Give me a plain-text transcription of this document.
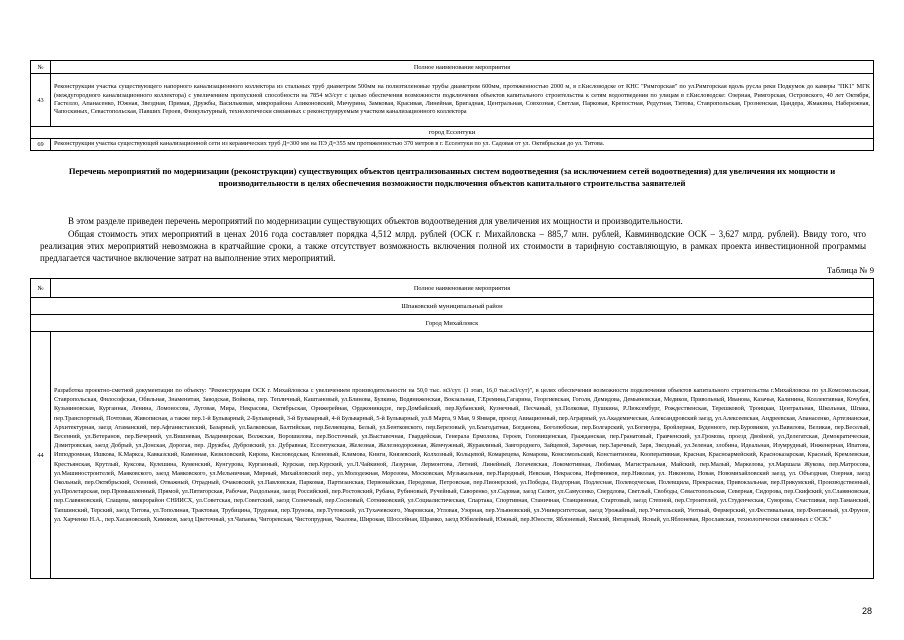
№	Полное наименование мероприятия
43	Реконструкция участка существующего напорного канализационного коллектора из стальных труб диаметром 500мм на полиэтиленовые трубы диаметром 600мм, протяженностью 2000 м, в г.Кисловодске от КНС "Римгорская" по ул.Римгорская вдоль русла реки Подкумок до камеры "ПК1" МГК (междугородного канализационного коллектора) с увеличением пропускной способности на 7854 м3/сут с целью обеспечения возможности подключения объектов капитального строительства к сетям водоотведения по улицам в г.Кисловодске: Озерная, Римгорская, Островского, 40 лет Октября, Гастелло, Апанасенко, Южная, Звездная, Примая, Дружбы, Васильковая, микрорайона Аликоновский, Мичурина, Замковая, Красивая, Линейная, Бригадная, Центральная, Совхозная, Светлая, Парковая, Крепостная, Редутная, Титова, Ставропольская, Грозненская, Цандера, Жмакина, Набережная, Чапоскиных, Севастопольская, Павших Героев, Физкультурный, технологически связанных с реконструируемым участком канализационного коллектора
город Ессентуки	
69	Реконструкция участка существующей канализационной сети из керамических труб Д=300 мм на ПЭ Д=355 мм протяженностью 370 метров в г. Ессентуки по ул. Садовая от ул. Октябрьская до ул. Титова.
Перечень мероприятий по модернизации (реконструкции) существующих объектов централизованных систем водоотведения (за исключением сетей водоотведения) для увеличения их мощности и производительности в целях обеспечения возможности подключения объектов капитального строительства заявителей
В этом разделе приведен перечень мероприятий по модернизации существующих объектов водоотведения для увеличения их мощности и производительности.
Общая стоимость этих мероприятий в ценах 2016 года составляет порядка 4,512 млрд. рублей (ОСК г. Михайловска – 885,7 млн. рублей, Кавминводские ОСК – 3,627 млрд. рублей). Ввиду того, что реализация этих мероприятий невозможна в кратчайшие сроки, а также отсутствует возможность включения полной их стоимости в тарифную составляющую, в рамках проекта инвестиционной программы предлагается частичное включение затрат на выполнение этих мероприятий.
Таблица № 9
№	Полное наименование мероприятия
Шпаковский муниципальный район	
Город Михайловск	
44	Разработка проектно-сметной документации по объекту: "Реконструкция ОСК г. Михайловска с увеличением производительности на 50,0 тыс. м3/сут. (1 этап, 16,0 тыс.м3/сут)", в целях обеспечения возможности подключения объектов капитального строительства г.Михайловска по ул.Комсомольская, Ставропольская, Философская, Обильная, Знаменитая, Заводская, Войкова, пер. Тепличный, Каштановый, ул.Блинова, Булкина, Водяниженская, Вокзальная, Г.Еремина,Гагарина, Георгиевская, Гоголя, Демидова, Демьяновская, Медиков, Привольный, Иванова, Казачья, Калинина, Коллективная, Кочубея, Кузьминовская, Курганная, Ленина, Ломоносова, Луговая, Мира, Некрасова, Октябрьская, Орижерейная, Орджоникидзе, пер.Домбайский, пер.Кубанский, Кузнечный, Песчаный, ул.Полковая, Пушкина, Р.Люксембург, Рождественская, Терешковой, Троицкая, Центральная, Школьная, Шпака, пер.Транспортный, Почтовая, Живописная, а также пер.1-й Бульварный, 2-Бульварный, 3-й Бульварный, 4-й Бульварный, 5-й Бульварный, ул.8 Марта, 9 Мая, 9 Января, проезд Авиационный, пер.Аграрный, ул.Академическая, Александровский заезд, ул.Алексеевская, Андреевская, Апанасенко, Артезианская, Архитектурная, заезд Атаманский, пер.Афганистанский, Базарный, ул.Балковская, Балтийская, пер.Беляевцева, Белый, ул.Бентковского, пер.Березовый, ул.Благодатная, Богданова, Боголюбская, пер.Болгарский, ул.Богинура, Бройлерная, Буденного, пер.Буровиков, ул.Вавилова, Великая, пер.Веселый, Весенний, ул.Ветеранов, пер.Вечерний, ул.Вишневая, Владимирская, Волжская, Ворошилова, пер.Восточный, ул.Выставочная, Гвардейская, Генерала Ермолова, Героев, Головищенская, Гражданская, пер.Гранатовый, Гравченский, ул.Громова, проезд Двойной, ул.Делегатская, Демократическая, Дзмитровская, заезд Добрый, ул.Донская, Дорогая, пер. Дружбы, Дубровский, ул. Дубравная, Ессентукская, Железная, Железнодорожная, Жемчужный, Журавлиный, Завгороднего, Зайцевой, Заречная, пер.Заречный, Заря, Звездный, ул.Зеленая, злобина, Идеальная, Изумрудный, Инженерная, Ипатова, Ипподромная, Ишкова, К.Маркса, Кавказский, Каменная, Кизиловский, Кирова, Кисловодская, Кленовый, Климова, Книги, Князевский, Колхозный, Кольцевой, Комарецева, Комарова, Комсомольский, Константинова, Кооперативная, Красная, Красноармейский, Красноказарская, Красный, Кремлевская, Крестьянская, Крутлый, Куксова, Кулешина, Куменский, Кунгурова, Курганный, Курская, пер.Курский, ул.Л.Чайкиной, Лазурная, Лермонтова, Летний, Линейный, Логачевская, Локомотивная, Любимая, Магистральная, Майский, пер.Малый, Маркелова, ул.Маршала Жукова, пер.Матросова, ул.Машиностроителей, Маяковского, заезд Маяковского, ул.Мельничная, Мирный, Михайловский пер., ул.Молодежная, Морозова, Московская, Музыкальная, пер.Народный, Невская, Некрасова, Нефтяников, пер.Николая, ул. Никонова, Новая, Новомихайловский заезд, ул. Объездная, Озерная, заезд Окольный, пер.Октябрьский, Осенний, Отважный, Отрадный, Очаковский, ул.Павловская, Парковая, Партизанская, Первомайская, Передовая, Петровская, пер.Пионерский, ул.Победы, Подгорная, Подлесная, Полеводческая, Полевщила, Прекрасная, Привокзальная, пер.Прикумский, Производственный, ул.Пролетарская, пер.Промышленный, Прямой, ул.Пятигорская, Рабочая, Раздольная, заезд Российский, пер.Ростовский, Рубана, Рубиновый, Ручейный, Саворенко, ул.Садовая, заезд Салют, ул.Самусенко, Свердлова, Светлый, Свободы, Севастопольская, Северная, Сидорова, пер.Скифский, ул.Славяновская, пер.Славяновский, Слащева, микрорайон СНИИСХ, ул.Советская, пер.Советский, заезд Солнечный, пер.Сосновый, Сотниковский, ул.Социалистическая, Спартака, Спортивная, Станичная, Станционная, Стартовый, заезд Степной, пер.Строителей, ул.Студенческая, Суворова, Счастливая, пер.Таманский, Тапшинский, Терский, заезд Титова, ул.Тополиная, Трактовая, Трубицина, Трудовая, пер.Трунова, пер.Тутовский, ул.Тухачевского, Уваровская, Угловая, Узорная, пер.Ульяновский, ул.Университетская, заезд Урожайный, пер.Учительский, Уютный, Фермерский, ул.Фестивальная, пер.Фонтанный, ул.Фрунзе, ул. Харченко Н.А., пер.Хасановский, Химиков, заезд Цветочный, ул.Чапаева, Чигоревская, Чистопрудная, Чкалова, Широкая, Шоссейная, Шрамко, заезд Юбилейный, Южный, пер.Юности, Яблоневый, Ямский, Янтарный, Ясный, ул.Яблоневая, Ярославская, технологически связанных с ОСК."
28
